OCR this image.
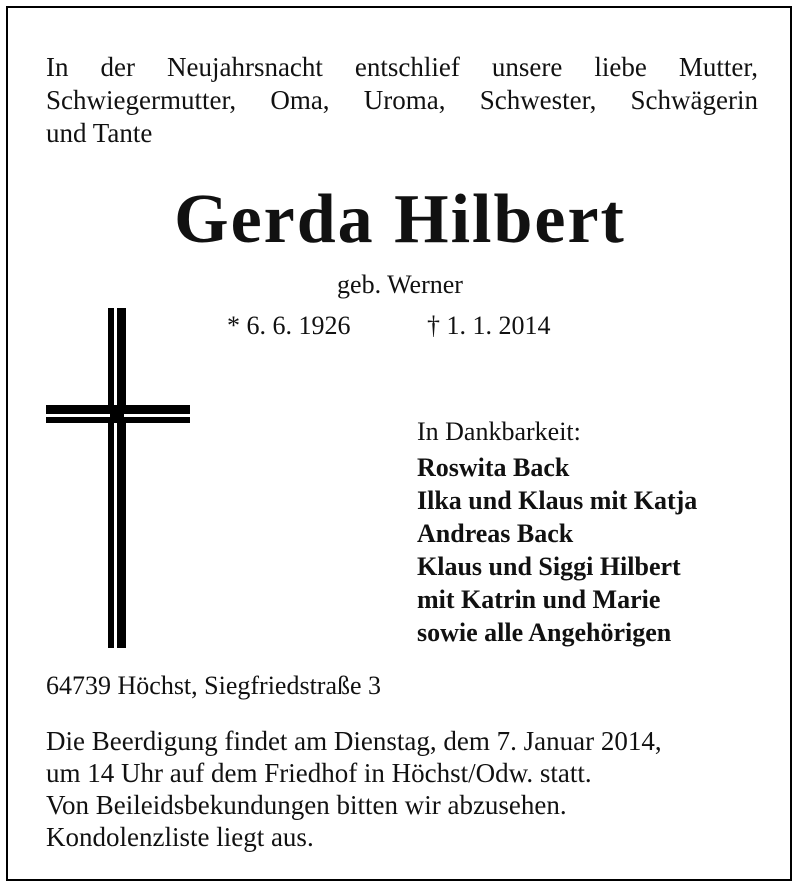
In der Neujahrsnacht entschlief unsere liebe Mutter,
Schwiegermutter, Oma, Uroma, Schwester, Schwägerin
und Tante
Gerda Hilbert
geb. Werner
* 6. 6. 1926	† 1. 1. 2014
In Dankbarkeit:
Roswita Back
Ilka und Klaus mit Katja
Andreas Back
Klaus und Siggi Hilbert
mit Katrin und Marie
sowie alle Angehörigen
64739 Höchst, Siegfriedstraße 3
Die Beerdigung findet am Dienstag, dem 7. Januar 2014,
um 14 Uhr auf dem Friedhof in Höchst/Odw. statt.
Von Beileidsbekundungen bitten wir abzusehen.
Kondolenzliste liegt aus.
